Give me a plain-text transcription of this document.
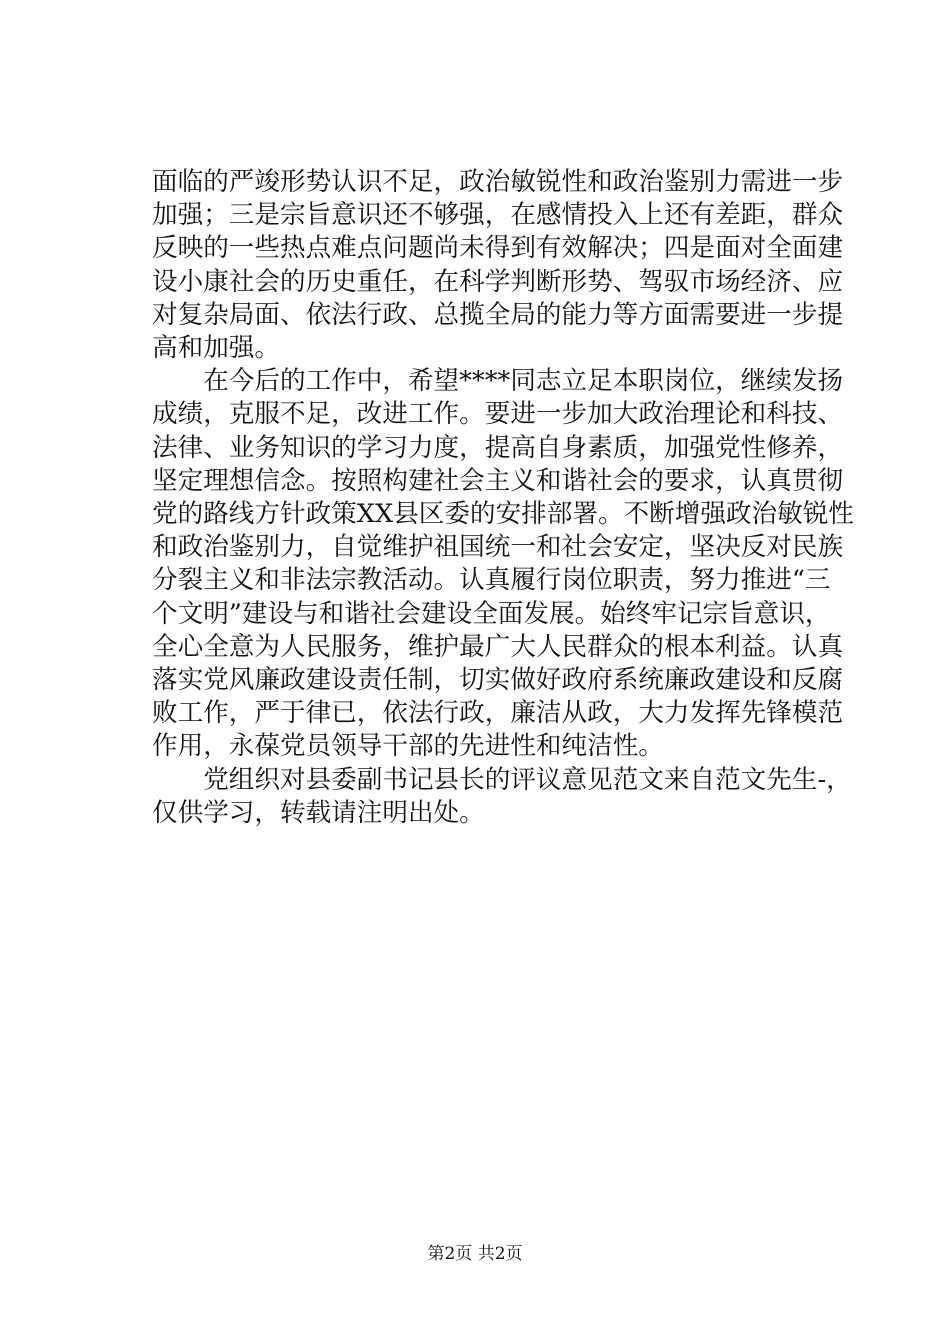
面临的严竣形势认识不足，政治敏锐性和政治鉴别力需进一步
加强；三是宗旨意识还不够强，在感情投入上还有差距，群众
反映的一些热点难点问题尚未得到有效解决；四是面对全面建
设小康社会的历史重任，在科学判断形势、驾驭市场经济、应
对复杂局面、依法行政、总揽全局的能力等方面需要进一步提
高和加强。
　　在今后的工作中，希望****同志立足本职岗位，继续发扬
成绩，克服不足，改进工作。要进一步加大政治理论和科技、
法律、业务知识的学习力度，提高自身素质，加强党性修养，
坚定理想信念。按照构建社会主义和谐社会的要求，认真贯彻
党的路线方针政策XX县区委的安排部署。不断增强政治敏锐性
和政治鉴别力，自觉维护祖国统一和社会安定，坚决反对民族
分裂主义和非法宗教活动。认真履行岗位职责，努力推进“三
个文明”建设与和谐社会建设全面发展。始终牢记宗旨意识，
全心全意为人民服务，维护最广大人民群众的根本利益。认真
落实党风廉政建设责任制，切实做好政府系统廉政建设和反腐
败工作，严于律已，依法行政，廉洁从政，大力发挥先锋模范
作用，永葆党员领导干部的先进性和纯洁性。
　　党组织对县委副书记县长的评议意见范文来自范文先生-，
仅供学习，转载请注明出处。
第2页 共2页
